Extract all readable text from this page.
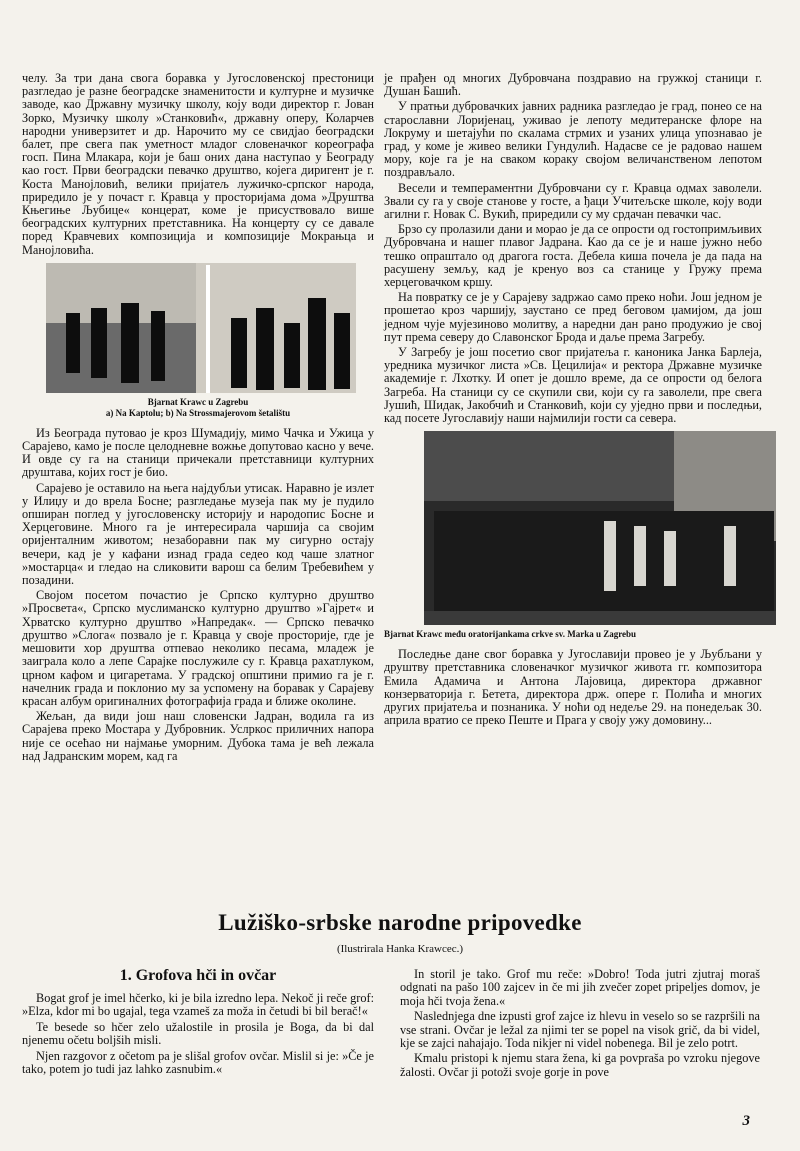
челу. За три дана свога боравка у Југословенској престоници разгледао је разне београдске знаменитости и културне и музичке заводе, као Државну музичку школу, коју води директор г. Јован Зорко, Музичку школу »Станковић«, државну оперу, Коларчев народни универзитет и др. Нарочито му се свидјао београдски балет, пре свега пак уметност младог словеначког кореографа госп. Пина Млакара, који је баш оних дана наступао у Београду као гост. Први београдски певачко друштво, којега диригент је г. Коста Манојловић, велики пријатељ лужичко-српског народа, приредило је у почаст г. Кравца у просторијама дома »Друштва Књегиње Љубице« концерат, коме је присуствовало више београдских културних претставника. На концерту су се давале поред Кравчевих композиција и композиције Мокрањца и Манојловића.

Bjarnat Krawc u Zagrebu
a) Na Kaptolu; b) Na Strossmajerovom šetalištu

Из Београда путовао је кроз Шумадију, мимо Чачка и Ужица у Сарајево, камо је после целодневне вожње допутовао касно у вече. И овде су га на станици причекали претставници културних друштава, којих гост је био.

Сарајево је оставило на њега најдубљи утисак. Наравно је излет у Илиџу и до врела Босне; разгледање музеја пак му је пудило опширан поглед у југословенску историју и народопис Босне и Херцеговине. Много га је интересирала чаршија са својим оријенталним животом; незаборавни пак му сигурно остају вечери, кад је у кафани изнад града седео код чаше златног »мостарца« и гледао на сликовити варош са белим Требевићем у позадини.

Својом посетом почастио је Српско културно друштво »Просвета«, Српско муслиманско културно друштво »Гајрет« и Хрватско културно друштво »Напредак«. — Српско певачко друштво »Слога« позвало је г. Кравца у своје просторије, где је мешовити хор друштва отпевао неколико песама, младеж је заиграла коло а лепе Сарајке послужиле су г. Кравца рахатлуком, црном кафом и цигаретама. У градској општини примио га је г. начелник града и поклонио му за успомену на боравак у Сарајеву красан албум оригиналних фотографија града и ближе околине.

Жељан, да види још наш словенски Јадран, водила га из Сарајева преко Мостара у Дубровник. Услркос приличних напора није се осећао ни најмање уморним. Дубока тама је већ лежала над Јадранским морем, кад га

је прађен од многих Дубровчана поздравио на гружкој станици г. Душан Башић.

У пратњи дубровачких јавних радника разгледао је град, понео се на старославни Лоријенац, уживао је лепоту медитеранске флоре на Локруму и шетајући по скалама стрмих и узаних улица упознавао је град, у коме је живео велики Гундулић. Надасве се је радовао нашем мору, које га је на сваком кораку својом величанственом лепотом поздрављало.

Весели и темпераментни Дубровчани су г. Кравца одмах заволели. Звали су га у своје станове у госте, а ђаци Учитељске школе, коју води агилни г. Новак С. Вукић, приредили су му срдачан певачки час.

Брзо су пролазили дани и морао је да се опрости од гостопримљивих Дубровчана и нашег плавог Јадрана. Као да се је и наше јужно небо тешко опраштало од драгога госта. Дебела киша почела је да пада на расушену земљу, кад је кренуо воз са станице у Гружу према херцеговачком кршу.

На повратку се је у Сарајеву задржао само преко ноћи. Још једном је прошетао кроз чаршију, заустано се пред беговом џамијом, да још једном чује мујезиново молитву, а наредни дан рано продужио је свој пут према северу до Славонског Брода и даље према Загребу.

У Загребу је још посетио свог пријатеља г. каноника Јанка Барлеја, уредника музичког листа »Св. Цецилија« и ректора Државне музичке академије г. Лхотку. И опет је дошло време, да се опрости од белога Загреба. На станици су се скупили сви, који су га заволели, пре свега Јушић, Шидак, Јакобчић и Станковић, који су уједно први и последњи, кад посете Југославију наши најмилији гости са севера.

Bjarnat Krawc među oratorijankama crkve sv. Marka u Zagrebu

Последње дане свог боравка у Југославији провео је у Љубљани у друштву претставника словеначког музичког живота гг. композитора Емила Адамича и Антона Лајовица, директора државног конзерваторија г. Бетета, директора држ. опере г. Полића и многих других пријатеља и познаника. У ноћи од недеље 29. на понедељак 30. априла вратио се преко Пеште и Прага у своју ужу домовину...

Lužiško-srbske narodne pripovedke
(Ilustrirala Hanka Krawcec.)
1. Grofova hči in ovčar

Bogat grof je imel hčerko, ki je bila izredno lepa. Nekoč ji reče grof: »Elza, kdor mi bo ugajal, tega vzameš za moža in četudi bi bil berač!«

Te besede so hčer zelo užalostile in prosila je Boga, da bi dal njenemu očetu boljših misli.

Njen razgovor z očetom pa je slišal grofov ovčar. Mislil si je: »Če je tako, potem jo tudi jaz lahko zasnubim.«

In storil je tako. Grof mu reče: »Dobro! Toda jutri zjutraj moraš odgnati na pašo 100 zajcev in če mi jih zvečer zopet pripeljes domov, je moja hči tvoja žena.«

Naslednjega dne izpusti grof zajce iz hlevu in veselo so se razpršili na vse strani. Ovčar je ležal za njimi ter se popel na visok grič, da bi videl, kje se zajci nahajajo. Toda nikjer ni videl nobenega. Bil je zelo potrt.

Kmalu pristopi k njemu stara žena, ki ga povpraša po vzroku njegove žalosti. Ovčar ji potoži svoje gorje in pove

3
